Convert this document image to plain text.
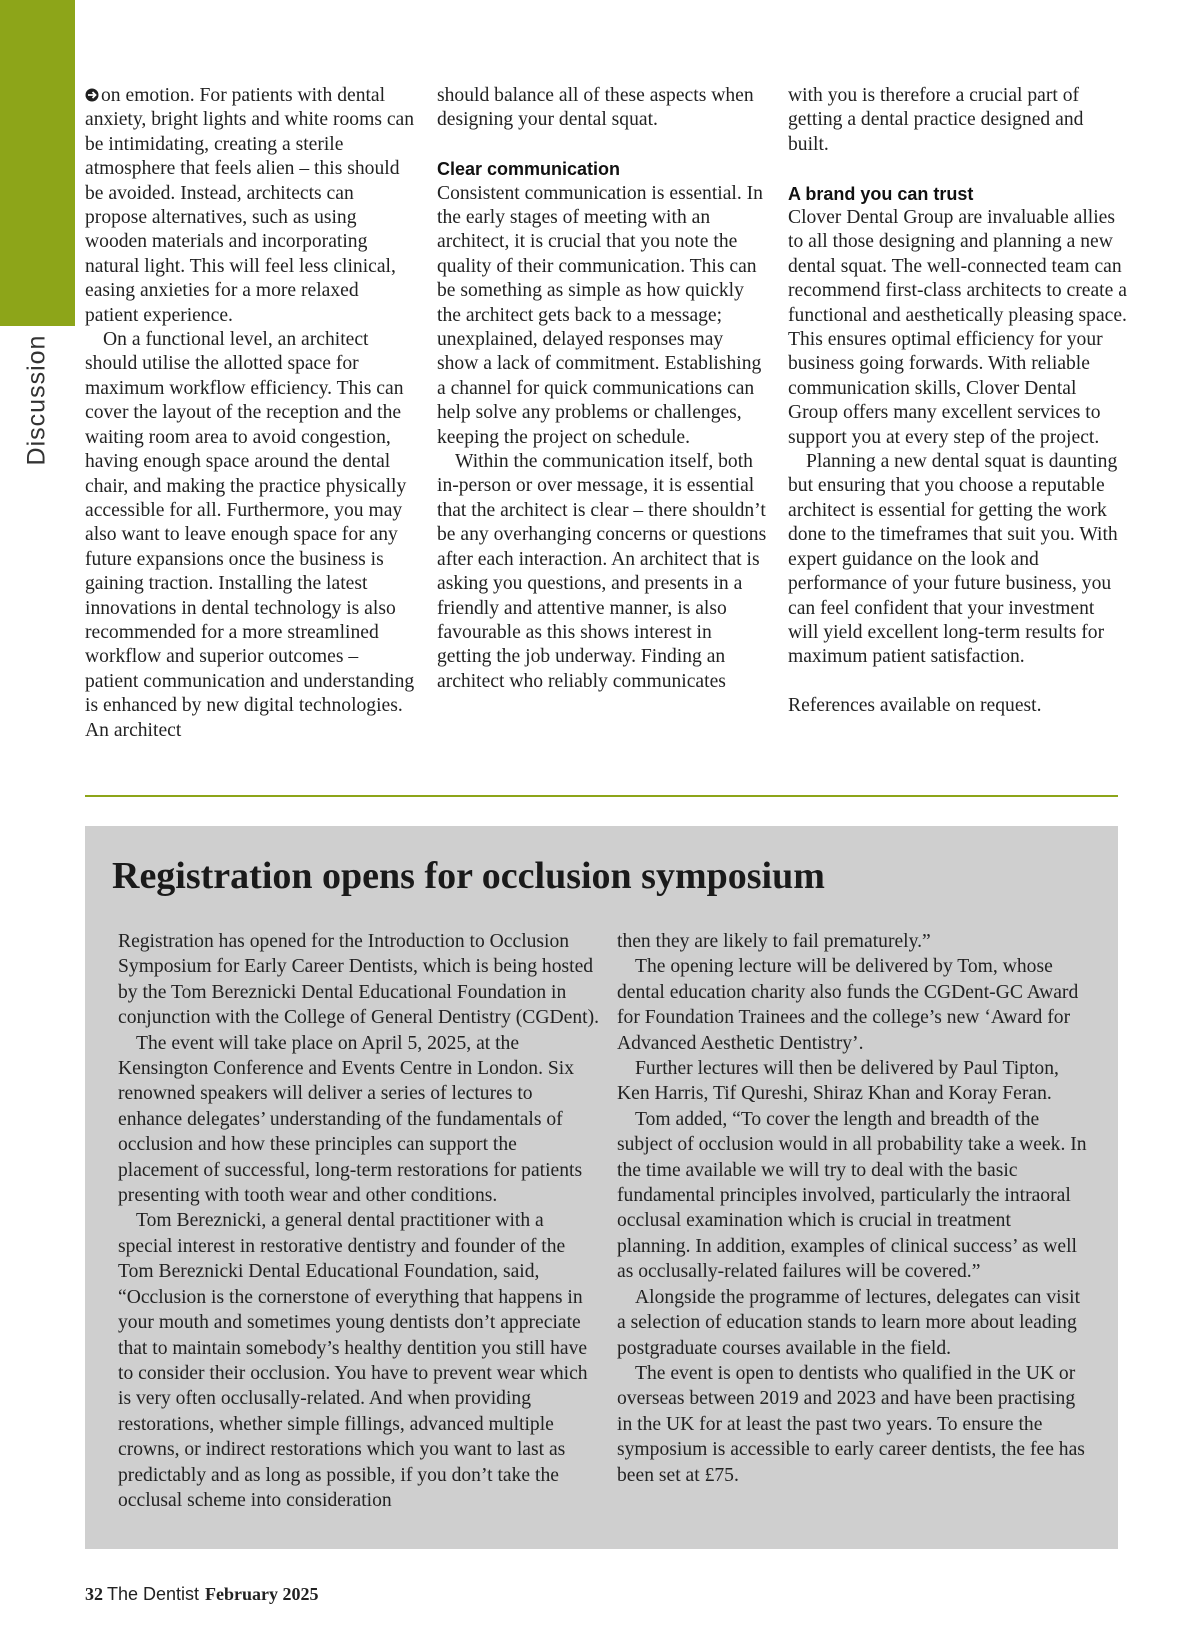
Discussion

on emotion. For patients with dental anxiety, bright lights and white rooms can be intimidating, creating a sterile atmosphere that feels alien – this should be avoided. Instead, architects can propose alternatives, such as using wooden materials and incorporating natural light. This will feel less clinical, easing anxieties for a more relaxed patient experience.

On a functional level, an architect should utilise the allotted space for maximum workflow efficiency. This can cover the layout of the reception and the waiting room area to avoid congestion, having enough space around the dental chair, and making the practice physically accessible for all. Furthermore, you may also want to leave enough space for any future expansions once the business is gaining traction. Installing the latest innovations in dental technology is also recommended for a more streamlined workflow and superior outcomes – patient communication and understanding is enhanced by new digital technologies. An architect

should balance all of these aspects when designing your dental squat.

Clear communication

Consistent communication is essential. In the early stages of meeting with an architect, it is crucial that you note the quality of their communication. This can be something as simple as how quickly the architect gets back to a message; unexplained, delayed responses may show a lack of commitment. Establishing a channel for quick communications can help solve any problems or challenges, keeping the project on schedule.

Within the communication itself, both in-person or over message, it is essential that the architect is clear – there shouldn’t be any overhanging concerns or questions after each interaction. An architect that is asking you questions, and presents in a friendly and attentive manner, is also favourable as this shows interest in getting the job underway. Finding an architect who reliably communicates

with you is therefore a crucial part of getting a dental practice designed and built.

A brand you can trust

Clover Dental Group are invaluable allies to all those designing and planning a new dental squat. The well-connected team can recommend first-class architects to create a functional and aesthetically pleasing space. This ensures optimal efficiency for your business going forwards. With reliable communication skills, Clover Dental Group offers many excellent services to support you at every step of the project.

Planning a new dental squat is daunting but ensuring that you choose a reputable architect is essential for getting the work done to the timeframes that suit you. With expert guidance on the look and performance of your future business, you can feel confident that your investment will yield excellent long-term results for maximum patient satisfaction.

References available on request.

Registration opens for occlusion symposium

Registration has opened for the Introduction to Occlusion Symposium for Early Career Dentists, which is being hosted by the Tom Bereznicki Dental Educational Foundation in conjunction with the College of General Dentistry (CGDent).

The event will take place on April 5, 2025, at the Kensington Conference and Events Centre in London. Six renowned speakers will deliver a series of lectures to enhance delegates’ understanding of the fundamentals of occlusion and how these principles can support the placement of successful, long-term restorations for patients presenting with tooth wear and other conditions.

Tom Bereznicki, a general dental practitioner with a special interest in restorative dentistry and founder of the Tom Bereznicki Dental Educational Foundation, said, “Occlusion is the cornerstone of everything that happens in your mouth and sometimes young dentists don’t appreciate that to maintain somebody’s healthy dentition you still have to consider their occlusion. You have to prevent wear which is very often occlusally-related. And when providing restorations, whether simple fillings, advanced multiple crowns, or indirect restorations which you want to last as predictably and as long as possible, if you don’t take the occlusal scheme into consideration

then they are likely to fail prematurely.”

The opening lecture will be delivered by Tom, whose dental education charity also funds the CGDent-GC Award for Foundation Trainees and the college’s new ‘Award for Advanced Aesthetic Dentistry’.

Further lectures will then be delivered by Paul Tipton, Ken Harris, Tif Qureshi, Shiraz Khan and Koray Feran.

Tom added, “To cover the length and breadth of the subject of occlusion would in all probability take a week. In the time available we will try to deal with the basic fundamental principles involved, particularly the intraoral occlusal examination which is crucial in treatment planning. In addition, examples of clinical success’ as well as occlusally-related failures will be covered.”

Alongside the programme of lectures, delegates can visit a selection of education stands to learn more about leading postgraduate courses available in the field.

The event is open to dentists who qualified in the UK or overseas between 2019 and 2023 and have been practising in the UK for at least the past two years. To ensure the symposium is accessible to early career dentists, the fee has been set at £75.

32 The Dentist February 2025
